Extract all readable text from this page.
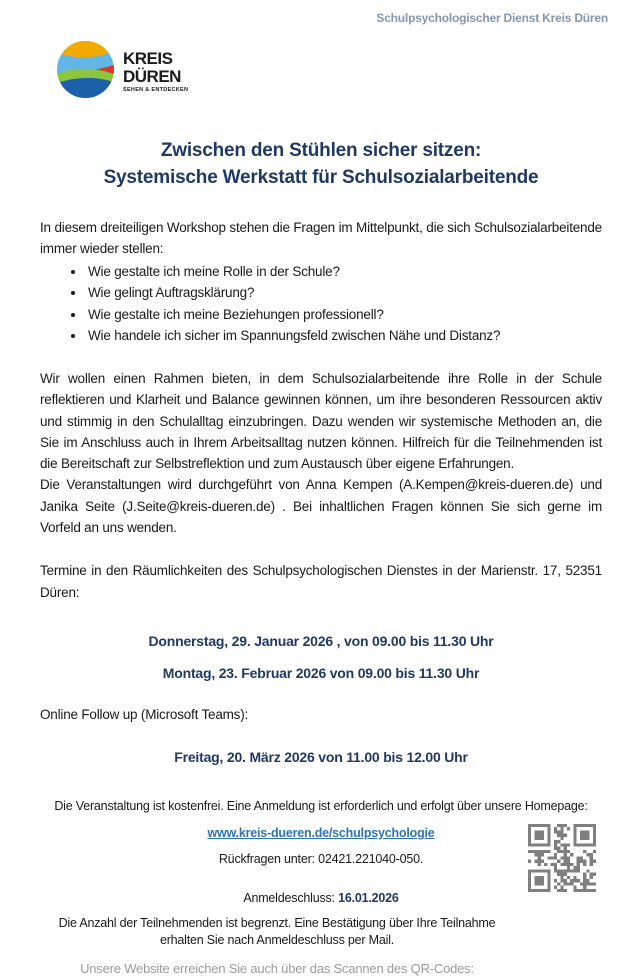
Schulpsychologischer Dienst Kreis Düren
KREIS
DÜREN
SEHEN & ENTDECKEN
Zwischen den Stühlen sicher sitzen:
Systemische Werkstatt für Schulsozialarbeitende

In diesem dreiteiligen Workshop stehen die Fragen im Mittelpunkt, die sich Schulsozialarbeitende immer wieder stellen:

• Wie gestalte ich meine Rolle in der Schule?
• Wie gelingt Auftragsklärung?
• Wie gestalte ich meine Beziehungen professionell?
• Wie handele ich sicher im Spannungsfeld zwischen Nähe und Distanz?

Wir wollen einen Rahmen bieten, in dem Schulsozialarbeitende ihre Rolle in der Schule reflektieren und Klarheit und Balance gewinnen können, um ihre besonderen Ressourcen aktiv und stimmig in den Schulalltag einzubringen. Dazu wenden wir systemische Methoden an, die Sie im Anschluss auch in Ihrem Arbeitsalltag nutzen können. Hilfreich für die Teilnehmenden ist die Bereitschaft zur Selbstreflektion und zum Austausch über eigene Erfahrungen.

Die Veranstaltungen wird durchgeführt von Anna Kempen (A.Kempen@kreis-dueren.de) und Janika Seite (J.Seite@kreis-dueren.de) . Bei inhaltlichen Fragen können Sie sich gerne im Vorfeld an uns wenden.

Termine in den Räumlichkeiten des Schulpsychologischen Dienstes in der Marienstr. 17, 52351 Düren:

Donnerstag, 29. Januar 2026 , von 09.00 bis 11.30 Uhr

Montag, 23. Februar 2026 von 09.00 bis 11.30 Uhr

Online Follow up (Microsoft Teams):

Freitag, 20. März 2026 von 11.00 bis 12.00 Uhr

Die Veranstaltung ist kostenfrei. Eine Anmeldung ist erforderlich und erfolgt über unsere Homepage:

www.kreis-dueren.de/schulpsychologie

Rückfragen unter: 02421.221040-050.

Anmeldeschluss: 16.01.2026

Die Anzahl der Teilnehmenden ist begrenzt. Eine Bestätigung über Ihre Teilnahme erhalten Sie nach Anmeldeschluss per Mail.

Unsere Website erreichen Sie auch über das Scannen des QR-Codes:
